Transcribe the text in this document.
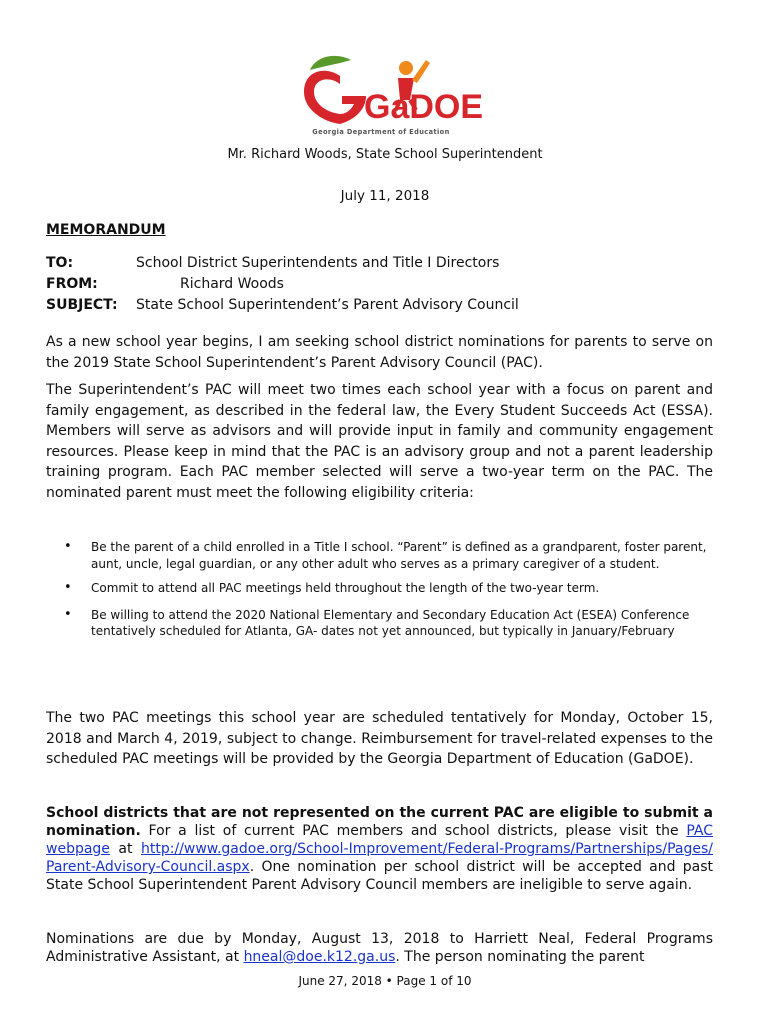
GaDOE
Georgia Department of Education
Mr. Richard Woods, State School Superintendent
July 11, 2018
MEMORANDUM
TO:	School District Superintendents and Title I Directors
FROM:	Richard Woods
SUBJECT: State School Superintendent’s Parent Advisory Council
As a new school year begins, I am seeking school district nominations for parents to serve on the 2019 State School Superintendent’s Parent Advisory Council (PAC).
The Superintendent’s PAC will meet two times each school year with a focus on parent and family engagement, as described in the federal law, the Every Student Succeeds Act (ESSA). Members will serve as advisors and will provide input in family and community engagement resources. Please keep in mind that the PAC is an advisory group and not a parent leadership training program. Each PAC member selected will serve a two-year term on the PAC. The nominated parent must meet the following eligibility criteria:
• Be the parent of a child enrolled in a Title I school. “Parent” is defined as a grandparent, foster parent, aunt, uncle, legal guardian, or any other adult who serves as a primary caregiver of a student.
• Commit to attend all PAC meetings held throughout the length of the two-year term.
• Be willing to attend the 2020 National Elementary and Secondary Education Act (ESEA) Conference tentatively scheduled for Atlanta, GA- dates not yet announced, but typically in January/February
The two PAC meetings this school year are scheduled tentatively for Monday, October 15, 2018 and March 4, 2019, subject to change. Reimbursement for travel-related expenses to the scheduled PAC meetings will be provided by the Georgia Department of Education (GaDOE).
School districts that are not represented on the current PAC are eligible to submit a nomination. For a list of current PAC members and school districts, please visit the PAC webpage at http://www.gadoe.org/School-Improvement/Federal-Programs/Partnerships/Pages/Parent-Advisory-Council.aspx. One nomination per school district will be accepted and past State School Superintendent Parent Advisory Council members are ineligible to serve again.
Nominations are due by Monday, August 13, 2018 to Harriett Neal, Federal Programs Administrative Assistant, at hneal@doe.k12.ga.us. The person nominating the parent
June 27, 2018 • Page 1 of 10
